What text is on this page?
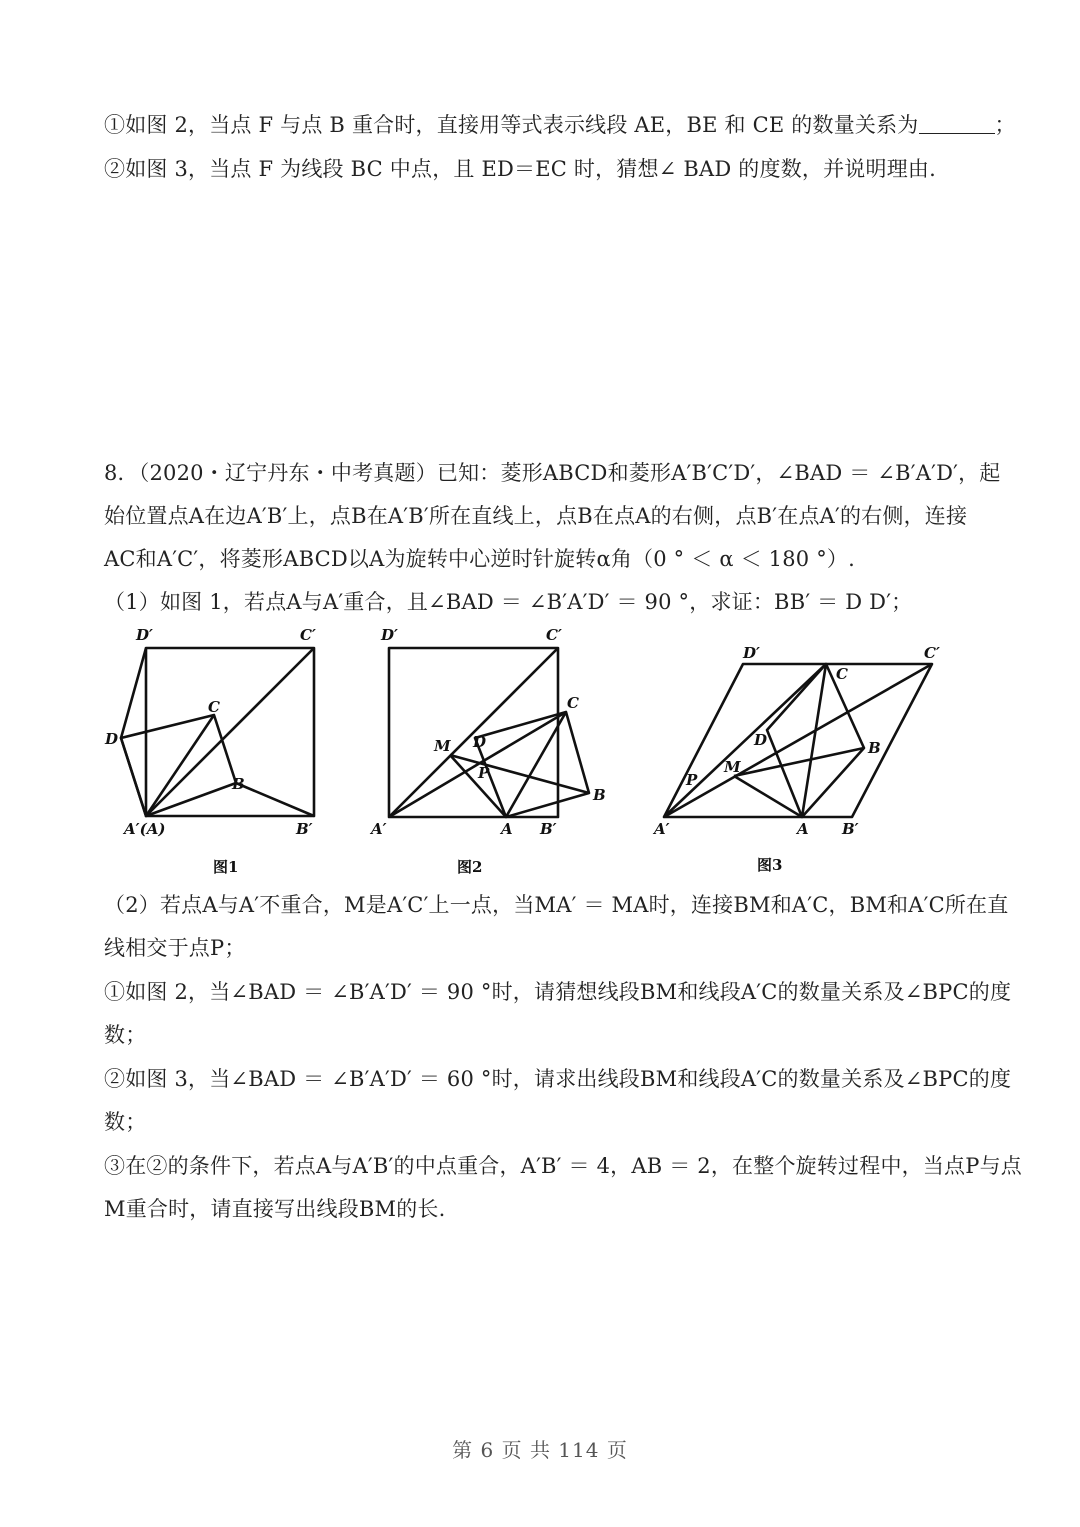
①如图 2，当点 F 与点 B 重合时，直接用等式表示线段 AE，BE 和 CE 的数量关系为	；
②如图 3，当点 F 为线段 BC 中点，且 ED＝EC 时，猜想∠ BAD 的度数，并说明理由.
8．（2020・辽宁丹东・中考真题）已知：菱形ABCD和菱形A′B′C′D′，∠BAD ＝ ∠B′A′D′，起
始位置点A在边A′B′上，点B在A′B′所在直线上，点B在点A的右侧，点B′在点A′的右侧，连接
AC和A′C′，将菱形ABCD以A为旋转中心逆时针旋转α角（0 ° ＜ α ＜ 180 °）.
（1）如图 1，若点A与A′重合，且∠BAD ＝ ∠B′A′D′ ＝ 90 °，求证：BB′ ＝ D D′；
D′	C′
C
D
B
A′(A)	B′
图1
D′	C′
C
M D
P
B
A′	A B′
图2
D′	C′
C
D	B
P
M
A′	A B′
图3
（2）若点A与A′不重合，M是A′C′上一点，当MA′ ＝ MA时，连接BM和A′C，BM和A′C所在直
线相交于点P；
①如图 2，当∠BAD ＝ ∠B′A′D′ ＝ 90 °时，请猜想线段BM和线段A′C的数量关系及∠BPC的度
数；
②如图 3，当∠BAD ＝ ∠B′A′D′ ＝ 60 °时，请求出线段BM和线段A′C的数量关系及∠BPC的度
数；
③在②的条件下，若点A与A′B′的中点重合，A′B′ ＝ 4，AB ＝ 2，在整个旋转过程中，当点P与点
M重合时，请直接写出线段BM的长.
第 6 页 共 114 页
